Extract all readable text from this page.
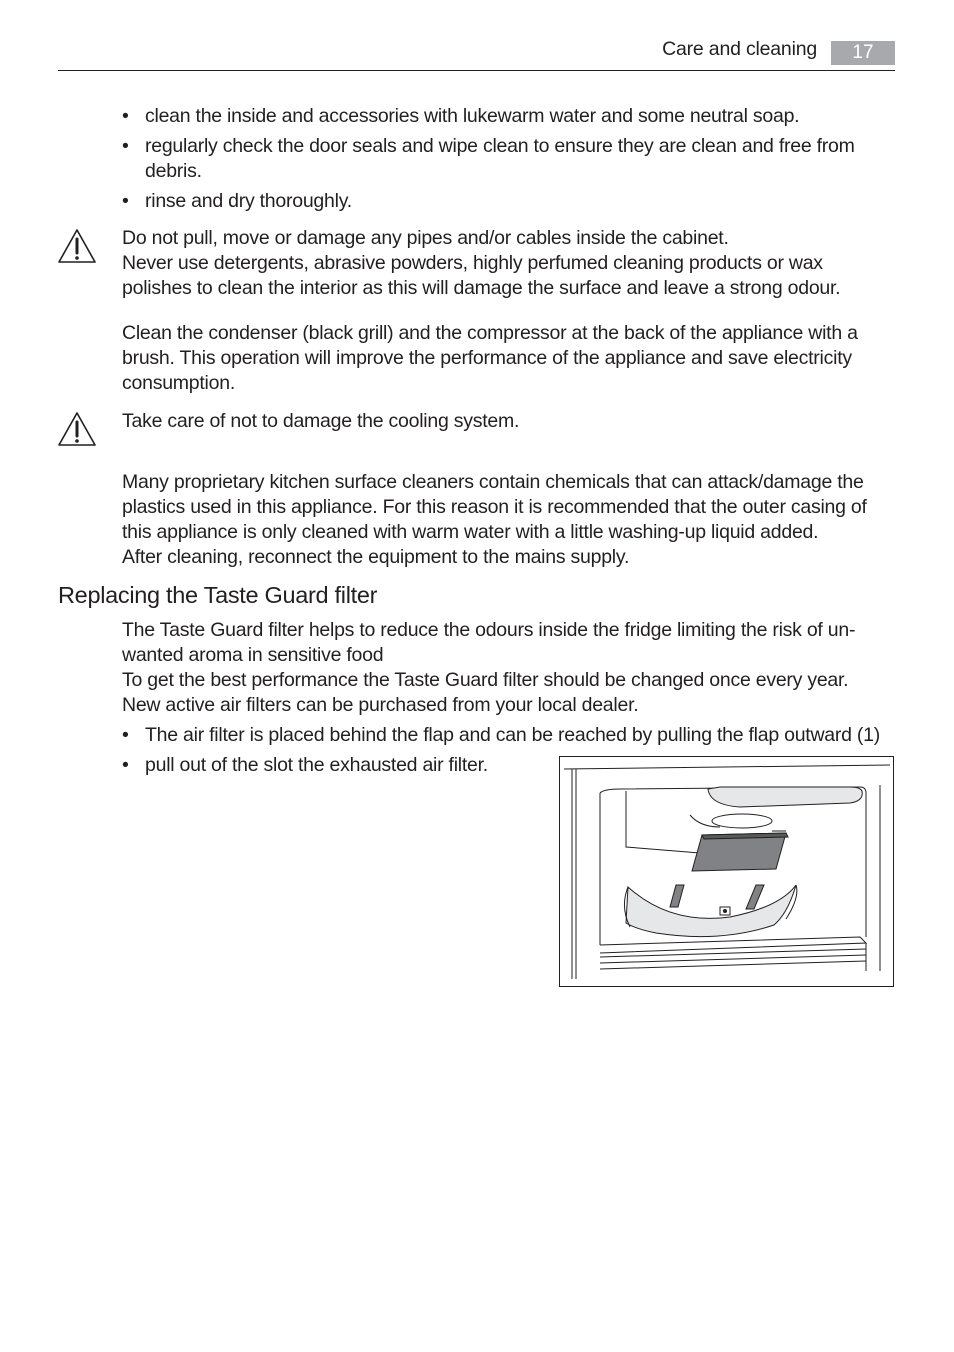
Care and cleaning	17
• clean the inside and accessories with lukewarm water and some neutral soap.
• regularly check the door seals and wipe clean to ensure they are clean and free from debris.
• rinse and dry thoroughly.

Do not pull, move or damage any pipes and/or cables inside the cabinet.

Never use detergents, abrasive powders, highly perfumed cleaning products or wax polishes to clean the interior as this will damage the surface and leave a strong odour.

Clean the condenser (black grill) and the compressor at the back of the appliance with a brush. This operation will improve the performance of the appliance and save electricity consumption.

Take care of not to damage the cooling system.

Many proprietary kitchen surface cleaners contain chemicals that can attack/damage the plastics used in this appliance. For this reason it is recommended that the outer casing of this appliance is only cleaned with warm water with a little washing-up liquid added.

After cleaning, reconnect the equipment to the mains supply.

Replacing the Taste Guard filter

The Taste Guard filter helps to reduce the odours inside the fridge limiting the risk of un-wanted aroma in sensitive food

To get the best performance the Taste Guard filter should be changed once every year.

New active air filters can be purchased from your local dealer.

• The air filter is placed behind the flap and can be reached by pulling the flap outward (1)
• pull out of the slot the exhausted air filter.
